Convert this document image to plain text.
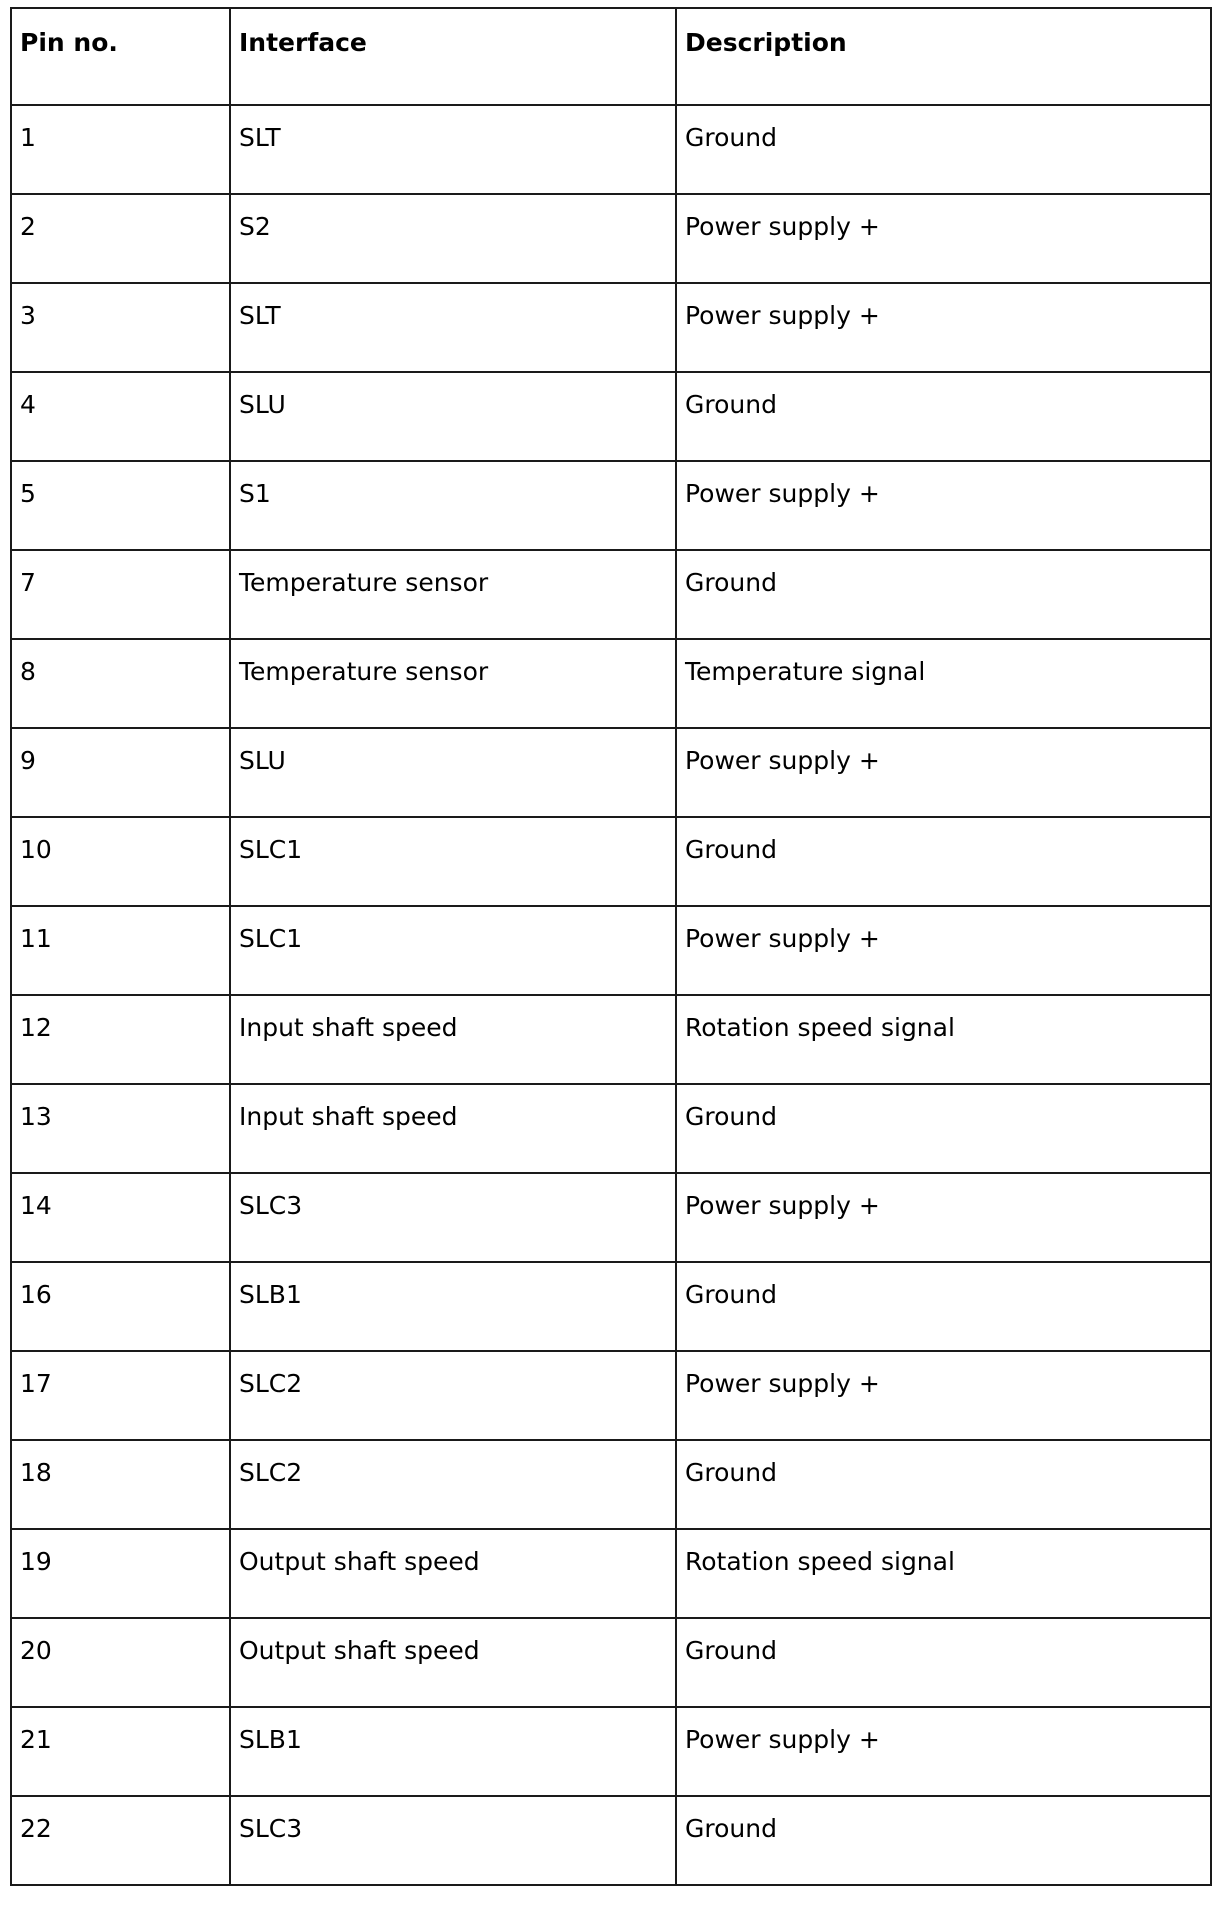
Pin no.	Interface	Description
1	SLT	Ground
2	S2	Power supply +
3	SLT	Power supply +
4	SLU	Ground
5	S1	Power supply +
7	Temperature sensor	Ground
8	Temperature sensor	Temperature signal
9	SLU	Power supply +
10	SLC1	Ground
11	SLC1	Power supply +
12	Input shaft speed	Rotation speed signal
13	Input shaft speed	Ground
14	SLC3	Power supply +
16	SLB1	Ground
17	SLC2	Power supply +
18	SLC2	Ground
19	Output shaft speed	Rotation speed signal
20	Output shaft speed	Ground
21	SLB1	Power supply +
22	SLC3	Ground
